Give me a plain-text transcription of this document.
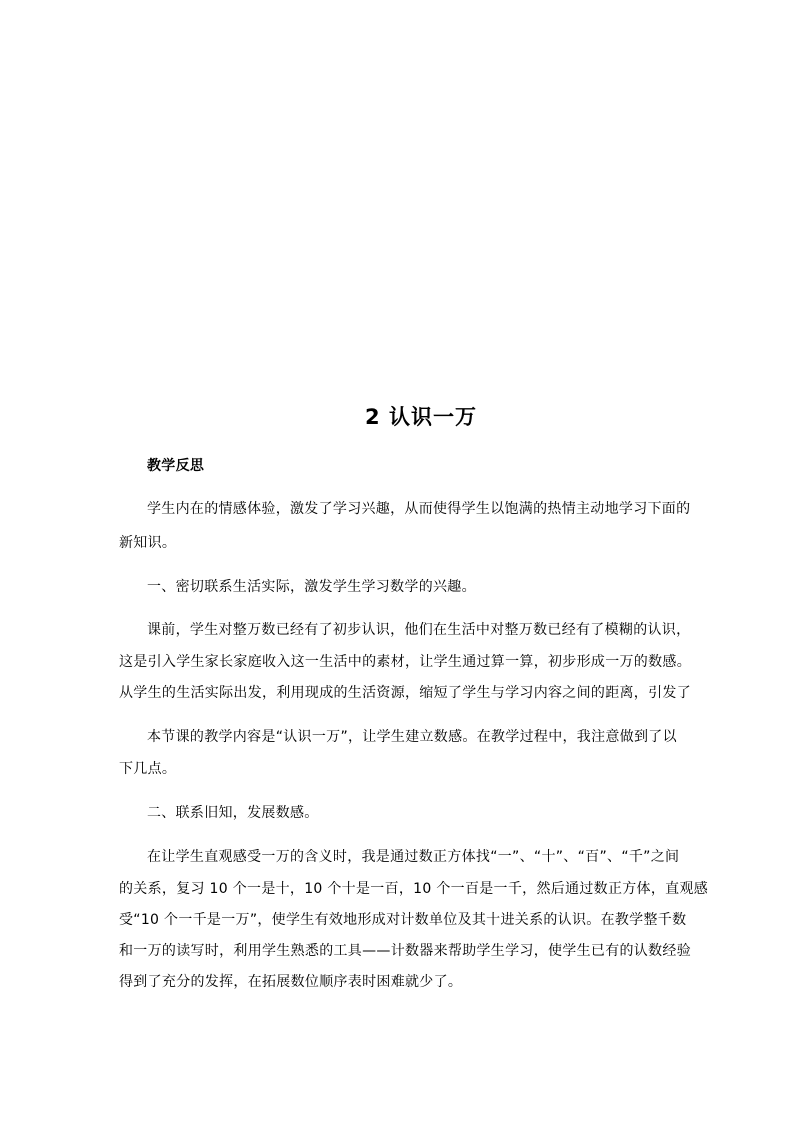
2 认识一万
教学反思
学生内在的情感体验，激发了学习兴趣，从而使得学生以饱满的热情主动地学习下面的
新知识。
一、密切联系生活实际，激发学生学习数学的兴趣。
课前，学生对整万数已经有了初步认识，他们在生活中对整万数已经有了模糊的认识，
这是引入学生家长家庭收入这一生活中的素材，让学生通过算一算，初步形成一万的数感。
从学生的生活实际出发，利用现成的生活资源，缩短了学生与学习内容之间的距离，引发了
本节课的教学内容是“认识一万”，让学生建立数感。在教学过程中，我注意做到了以
下几点。
二、联系旧知，发展数感。
在让学生直观感受一万的含义时，我是通过数正方体找“一”、“十”、“百”、“千”之间
的关系，复习 10 个一是十，10 个十是一百，10 个一百是一千，然后通过数正方体，直观感
受“10 个一千是一万”，使学生有效地形成对计数单位及其十进关系的认识。在教学整千数
和一万的读写时，利用学生熟悉的工具——计数器来帮助学生学习，使学生已有的认数经验
得到了充分的发挥，在拓展数位顺序表时困难就少了。
